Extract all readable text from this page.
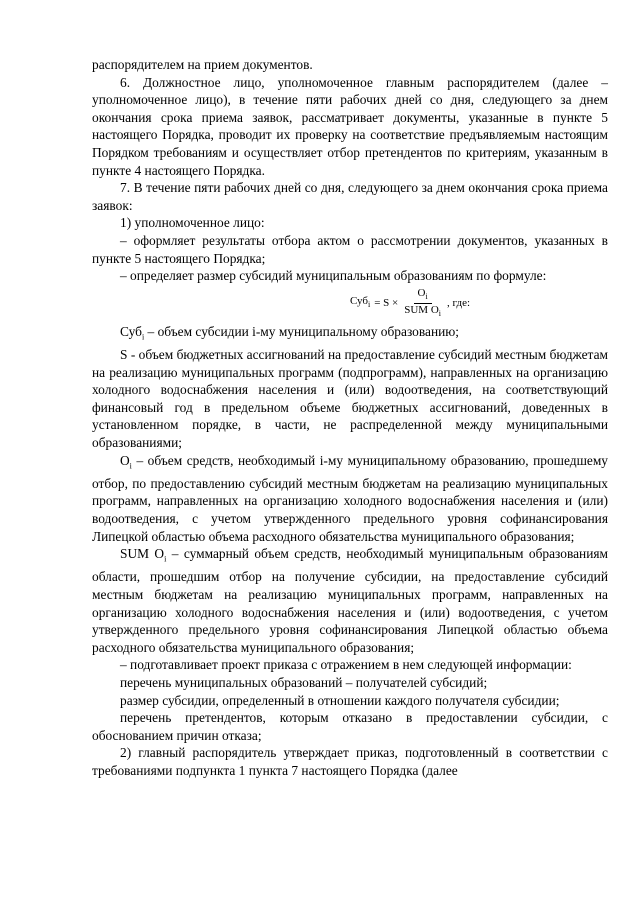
распорядителем на прием документов.

6. Должностное лицо, уполномоченное главным распорядителем (далее – уполномоченное лицо), в течение пяти рабочих дней со дня, следующего за днем окончания срока приема заявок, рассматривает документы, указанные в пункте 5 настоящего Порядка, проводит их проверку на соответствие предъявляемым настоящим Порядком требованиям и осуществляет отбор претендентов по критериям, указанным в пункте 4 настоящего Порядка.

7. В течение пяти рабочих дней со дня, следующего за днем окончания срока приема заявок:

1) уполномоченное лицо:

– оформляет результаты отбора актом о рассмотрении документов, указанных в пункте 5 настоящего Порядка;

– определяет размер субсидий муниципальным образованиям по формуле:

$Суб_i = S \times \frac{O_i}{SUM O_i}$ , где:

Суб$_i$ – объем субсидии i-му муниципальному образованию;

S - объем бюджетных ассигнований на предоставление субсидий местным бюджетам на реализацию муниципальных программ (подпрограмм), направленных на организацию холодного водоснабжения населения и (или) водоотведения, на соответствующий финансовый год в предельном объеме бюджетных ассигнований, доведенных в установленном порядке, в части, не распределенной между муниципальными образованиями;

$O_i$ – объем средств, необходимый i-му муниципальному образованию, прошедшему отбор, по предоставлению субсидий местным бюджетам на реализацию муниципальных программ, направленных на организацию холодного водоснабжения населения и (или) водоотведения, с учетом утвержденного предельного уровня софинансирования Липецкой областью объема расходного обязательства муниципального образования;

SUM $O_i$ – суммарный объем средств, необходимый муниципальным образованиям области, прошедшим отбор на получение субсидии, на предоставление субсидий местным бюджетам на реализацию муниципальных программ, направленных на организацию холодного водоснабжения населения и (или) водоотведения, с учетом утвержденного предельного уровня софинансирования Липецкой областью объема расходного обязательства муниципального образования;

– подготавливает проект приказа с отражением в нем следующей информации:

перечень муниципальных образований – получателей субсидий;

размер субсидии, определенный в отношении каждого получателя субсидии;

перечень претендентов, которым отказано в предоставлении субсидии, с обоснованием причин отказа;

2) главный распорядитель утверждает приказ, подготовленный в соответствии с требованиями подпункта 1 пункта 7 настоящего Порядка (далее
